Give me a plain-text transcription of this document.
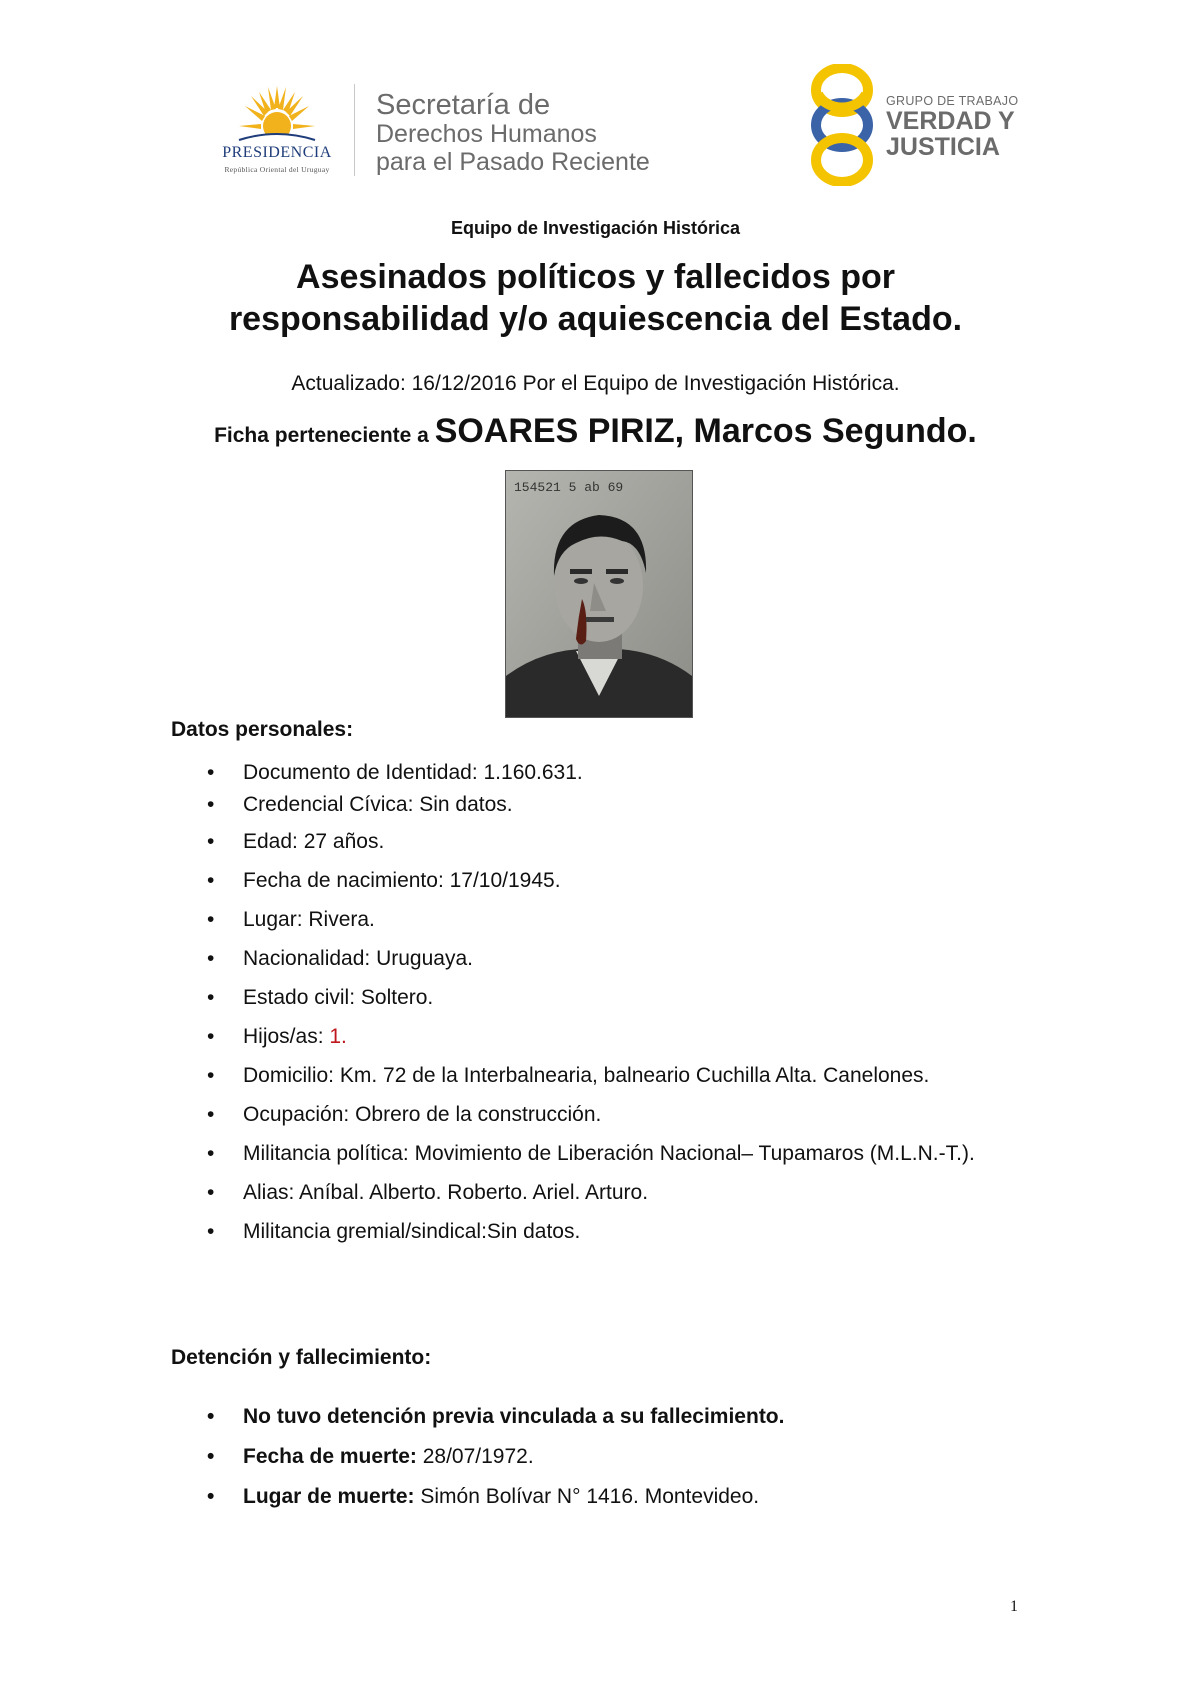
PRESIDENCIA
República Oriental del Uruguay
Secretaría de
Derechos Humanos
para el Pasado Reciente
GRUPO DE TRABAJO
VERDAD Y
JUSTICIA
Equipo de Investigación Histórica
Asesinados políticos y fallecidos por
responsabilidad y/o aquiescencia del Estado.
Actualizado: 16/12/2016 Por el Equipo de Investigación Histórica.
Ficha perteneciente a SOARES PIRIZ, Marcos Segundo.
154521 5 ab 69
Datos personales:
• Documento de Identidad: 1.160.631.
• Credencial Cívica: Sin datos.
• Edad: 27 años.
• Fecha de nacimiento: 17/10/1945.
• Lugar: Rivera.
• Nacionalidad: Uruguaya.
• Estado civil: Soltero.
• Hijos/as: 1.
• Domicilio: Km. 72 de la Interbalnearia, balneario Cuchilla Alta. Canelones.
• Ocupación: Obrero de la construcción.
• Militancia política: Movimiento de Liberación Nacional– Tupamaros (M.L.N.-T.).
• Alias: Aníbal. Alberto. Roberto. Ariel. Arturo.
• Militancia gremial/sindical:Sin datos.
Detención y fallecimiento:
• No tuvo detención previa vinculada a su fallecimiento.
• Fecha de muerte: 28/07/1972.
• Lugar de muerte: Simón Bolívar N° 1416. Montevideo.
1
